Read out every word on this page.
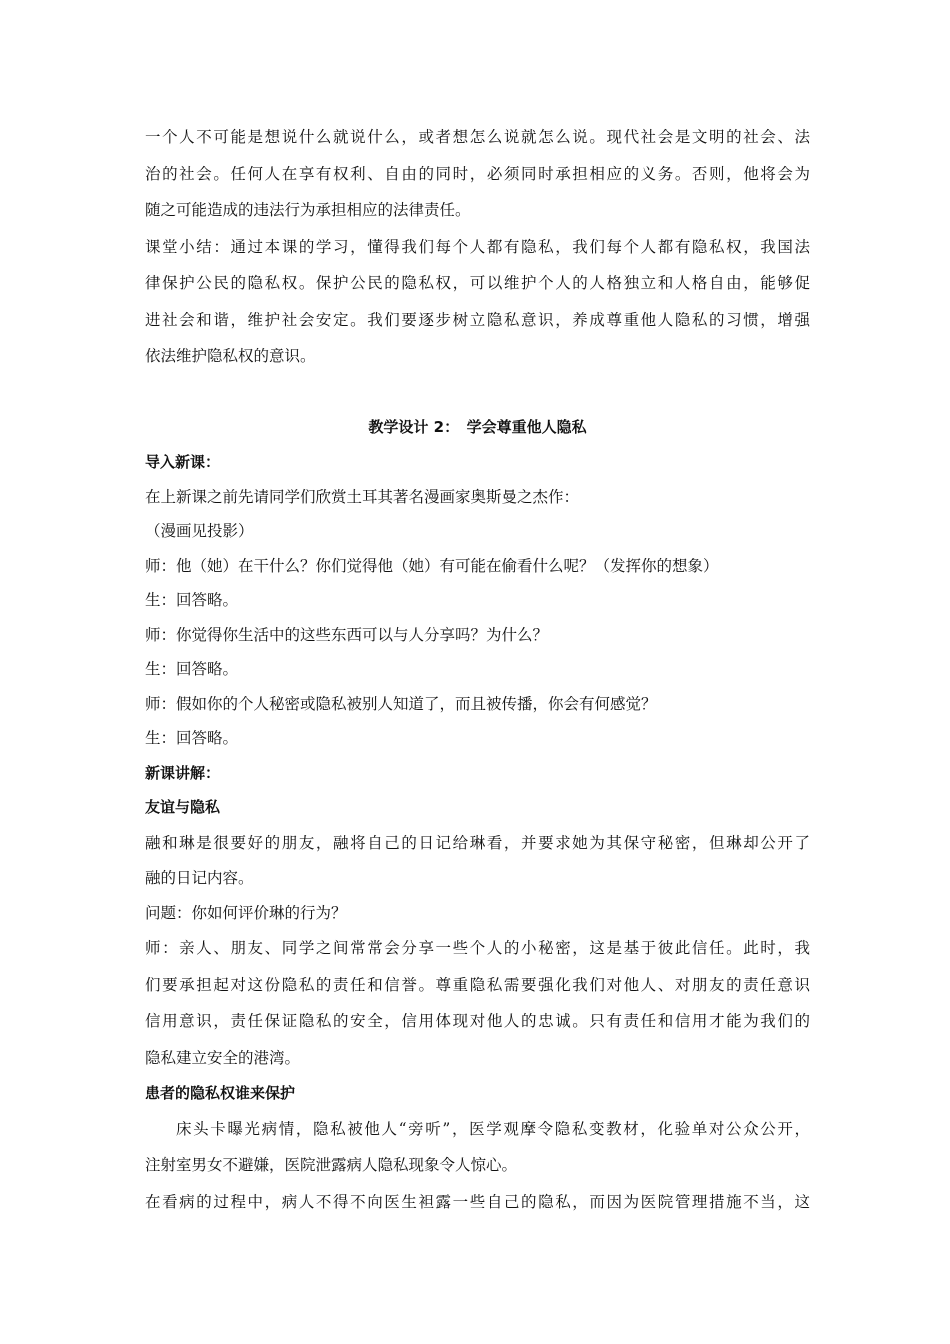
一个人不可能是想说什么就说什么，或者想怎么说就怎么说。现代社会是文明的社会、法
治的社会。任何人在享有权利、自由的同时，必须同时承担相应的义务。否则，他将会为
随之可能造成的违法行为承担相应的法律责任。
课堂小结：通过本课的学习，懂得我们每个人都有隐私，我们每个人都有隐私权，我国法
律保护公民的隐私权。保护公民的隐私权，可以维护个人的人格独立和人格自由，能够促
进社会和谐，维护社会安定。我们要逐步树立隐私意识，养成尊重他人隐私的习惯，增强
依法维护隐私权的意识。
教学设计 2：　学会尊重他人隐私
导入新课：
在上新课之前先请同学们欣赏土耳其著名漫画家奥斯曼之杰作：
（漫画见投影）
师：他（她）在干什么？你们觉得他（她）有可能在偷看什么呢？（发挥你的想象）
生：回答略。
师：你觉得你生活中的这些东西可以与人分享吗？为什么？
生：回答略。
师：假如你的个人秘密或隐私被别人知道了，而且被传播，你会有何感觉？
生：回答略。
新课讲解：
友谊与隐私
融和琳是很要好的朋友，融将自己的日记给琳看，并要求她为其保守秘密，但琳却公开了
融的日记内容。
问题：你如何评价琳的行为？
师：亲人、朋友、同学之间常常会分享一些个人的小秘密，这是基于彼此信任。此时，我
们要承担起对这份隐私的责任和信誉。尊重隐私需要强化我们对他人、对朋友的责任意识
信用意识，责任保证隐私的安全，信用体现对他人的忠诚。只有责任和信用才能为我们的
隐私建立安全的港湾。
患者的隐私权谁来保护
床头卡曝光病情，隐私被他人“旁听”，医学观摩令隐私变教材，化验单对公众公开，
注射室男女不避嫌，医院泄露病人隐私现象令人惊心。
在看病的过程中，病人不得不向医生袒露一些自己的隐私，而因为医院管理措施不当，这
